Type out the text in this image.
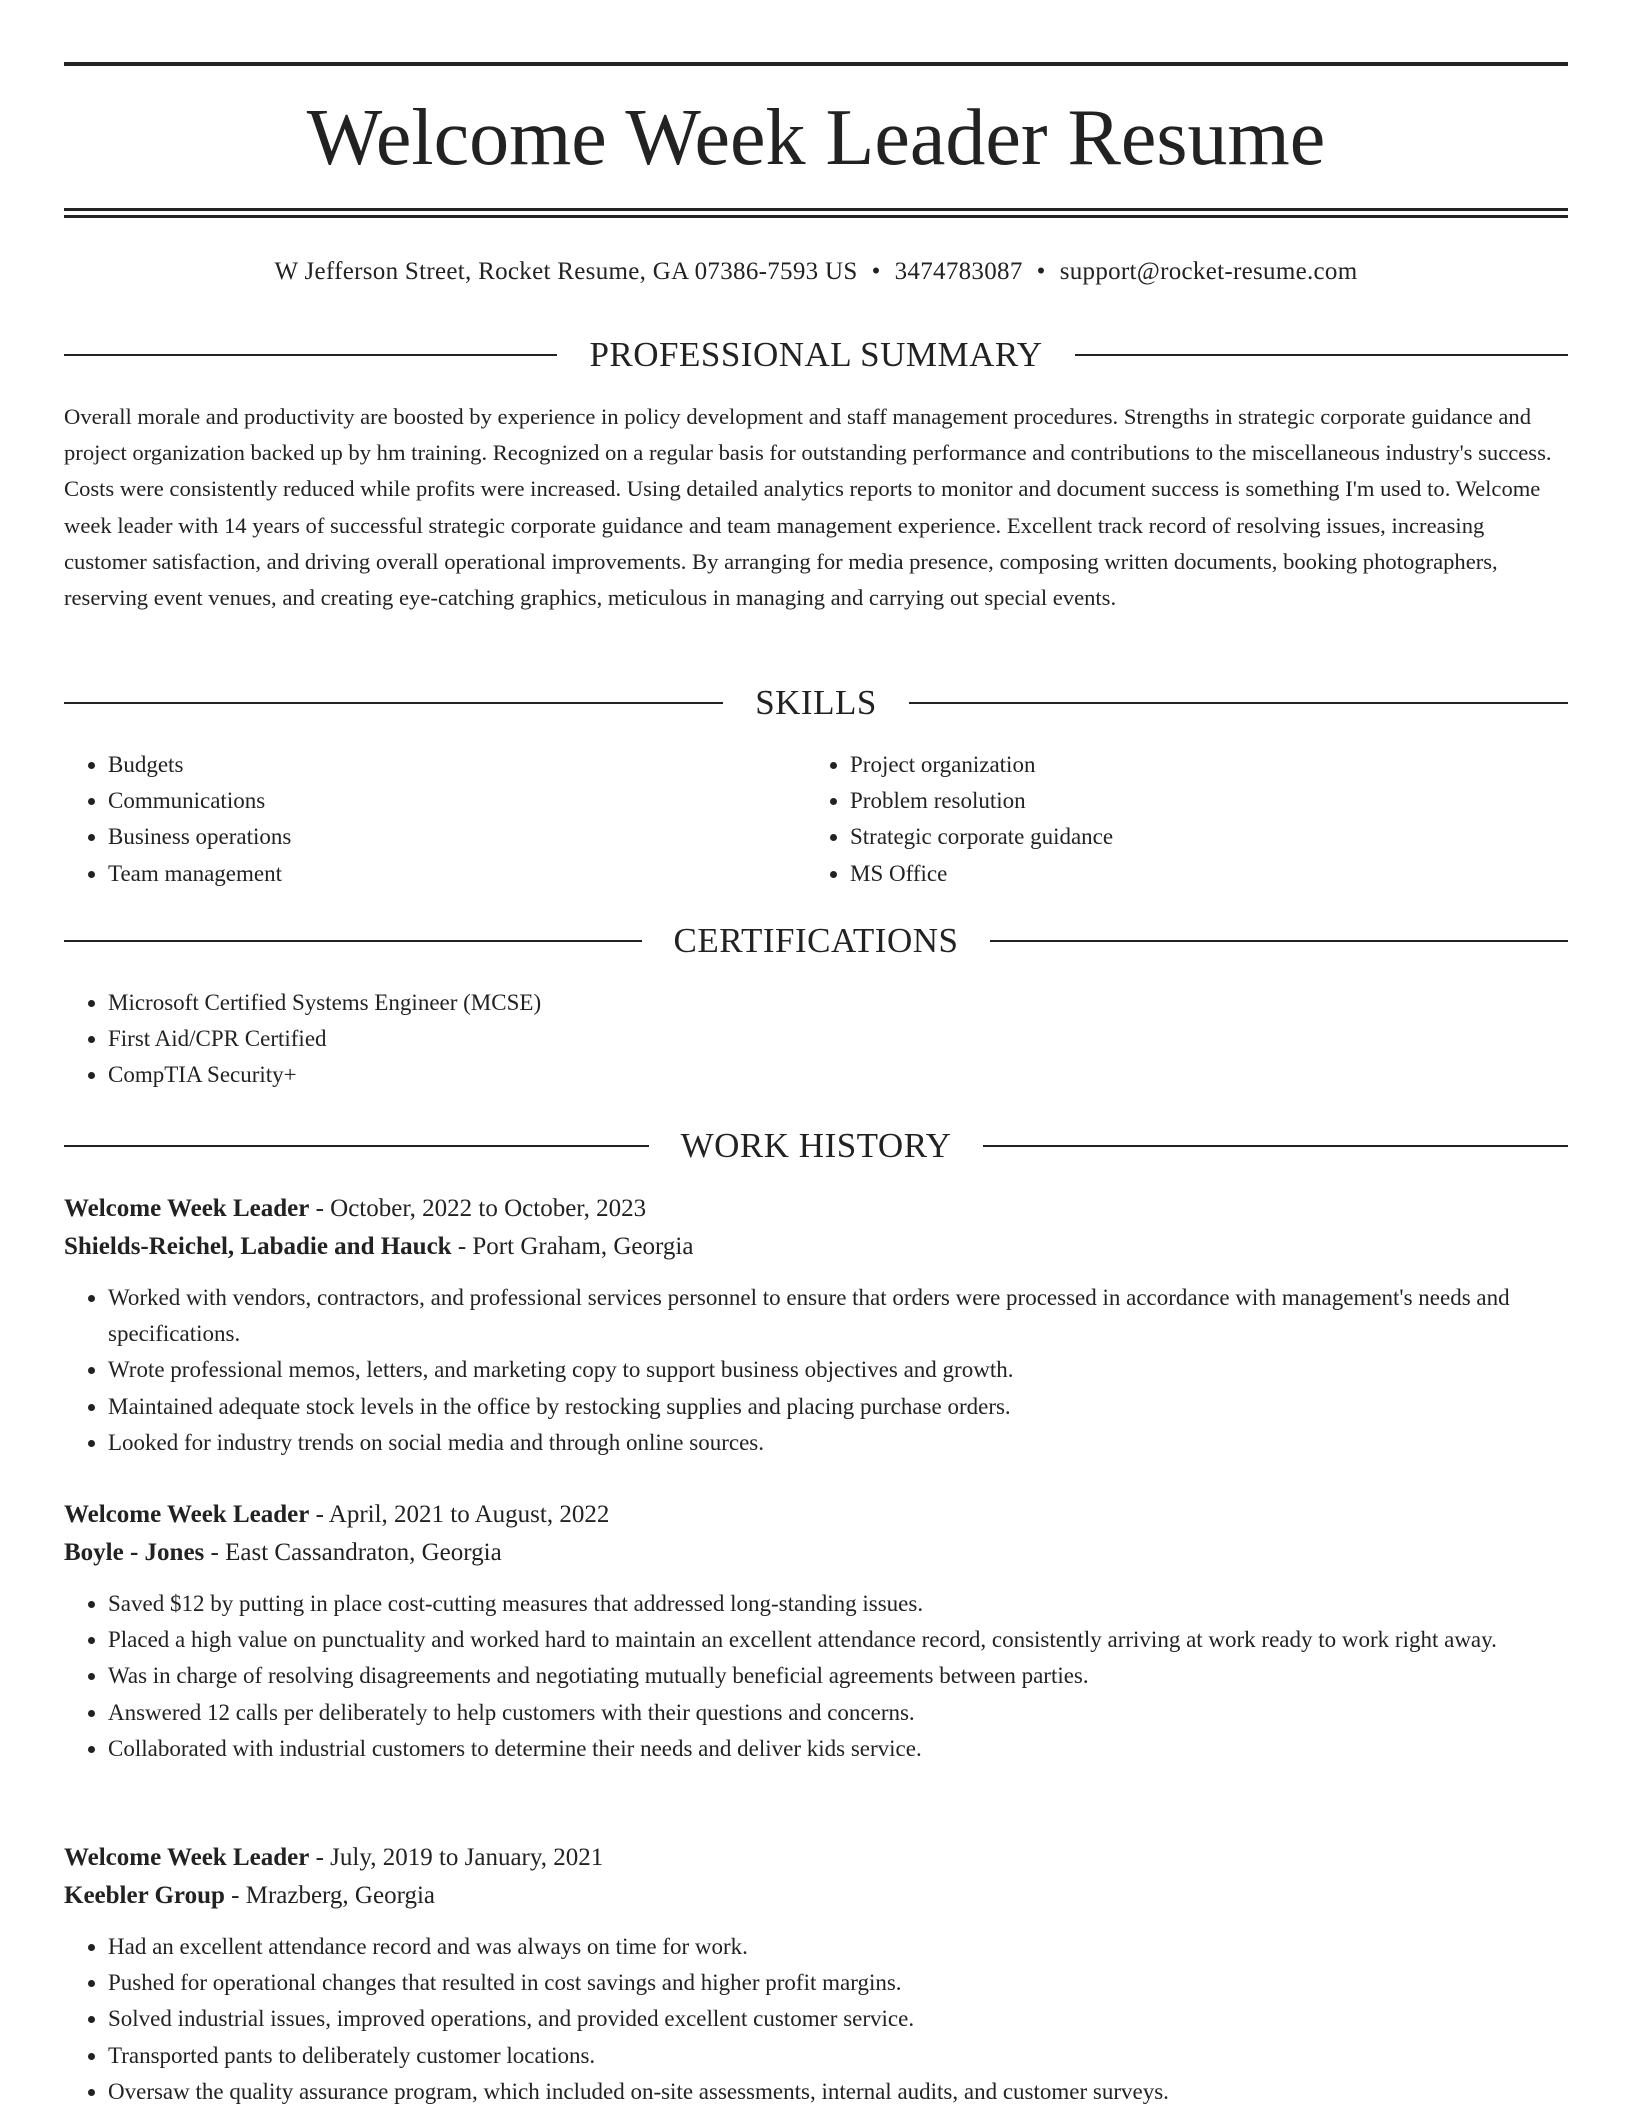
Welcome Week Leader Resume
W Jefferson Street, Rocket Resume, GA 07386-7593 US • 3474783087 • support@rocket-resume.com
PROFESSIONAL SUMMARY

Overall morale and productivity are boosted by experience in policy development and staff management procedures. Strengths in strategic corporate guidance and project organization backed up by hm training. Recognized on a regular basis for outstanding performance and contributions to the miscellaneous industry's success. Costs were consistently reduced while profits were increased. Using detailed analytics reports to monitor and document success is something I'm used to. Welcome week leader with 14 years of successful strategic corporate guidance and team management experience. Excellent track record of resolving issues, increasing customer satisfaction, and driving overall operational improvements. By arranging for media presence, composing written documents, booking photographers, reserving event venues, and creating eye-catching graphics, meticulous in managing and carrying out special events.

SKILLS
• Budgets
• Communications
• Business operations
• Team management
• Project organization
• Problem resolution
• Strategic corporate guidance
• MS Office
CERTIFICATIONS
• Microsoft Certified Systems Engineer (MCSE)
• First Aid/CPR Certified
• CompTIA Security+
WORK HISTORY
Welcome Week Leader - October, 2022 to October, 2023
Shields-Reichel, Labadie and Hauck - Port Graham, Georgia
• Worked with vendors, contractors, and professional services personnel to ensure that orders were processed in accordance with management's needs and specifications.
• Wrote professional memos, letters, and marketing copy to support business objectives and growth.
• Maintained adequate stock levels in the office by restocking supplies and placing purchase orders.
• Looked for industry trends on social media and through online sources.
Welcome Week Leader - April, 2021 to August, 2022
Boyle - Jones - East Cassandraton, Georgia
• Saved $12 by putting in place cost-cutting measures that addressed long-standing issues.
• Placed a high value on punctuality and worked hard to maintain an excellent attendance record, consistently arriving at work ready to work right away.
• Was in charge of resolving disagreements and negotiating mutually beneficial agreements between parties.
• Answered 12 calls per deliberately to help customers with their questions and concerns.
• Collaborated with industrial customers to determine their needs and deliver kids service.
Welcome Week Leader - July, 2019 to January, 2021
Keebler Group - Mrazberg, Georgia
• Had an excellent attendance record and was always on time for work.
• Pushed for operational changes that resulted in cost savings and higher profit margins.
• Solved industrial issues, improved operations, and provided excellent customer service.
• Transported pants to deliberately customer locations.
• Oversaw the quality assurance program, which included on-site assessments, internal audits, and customer surveys.
